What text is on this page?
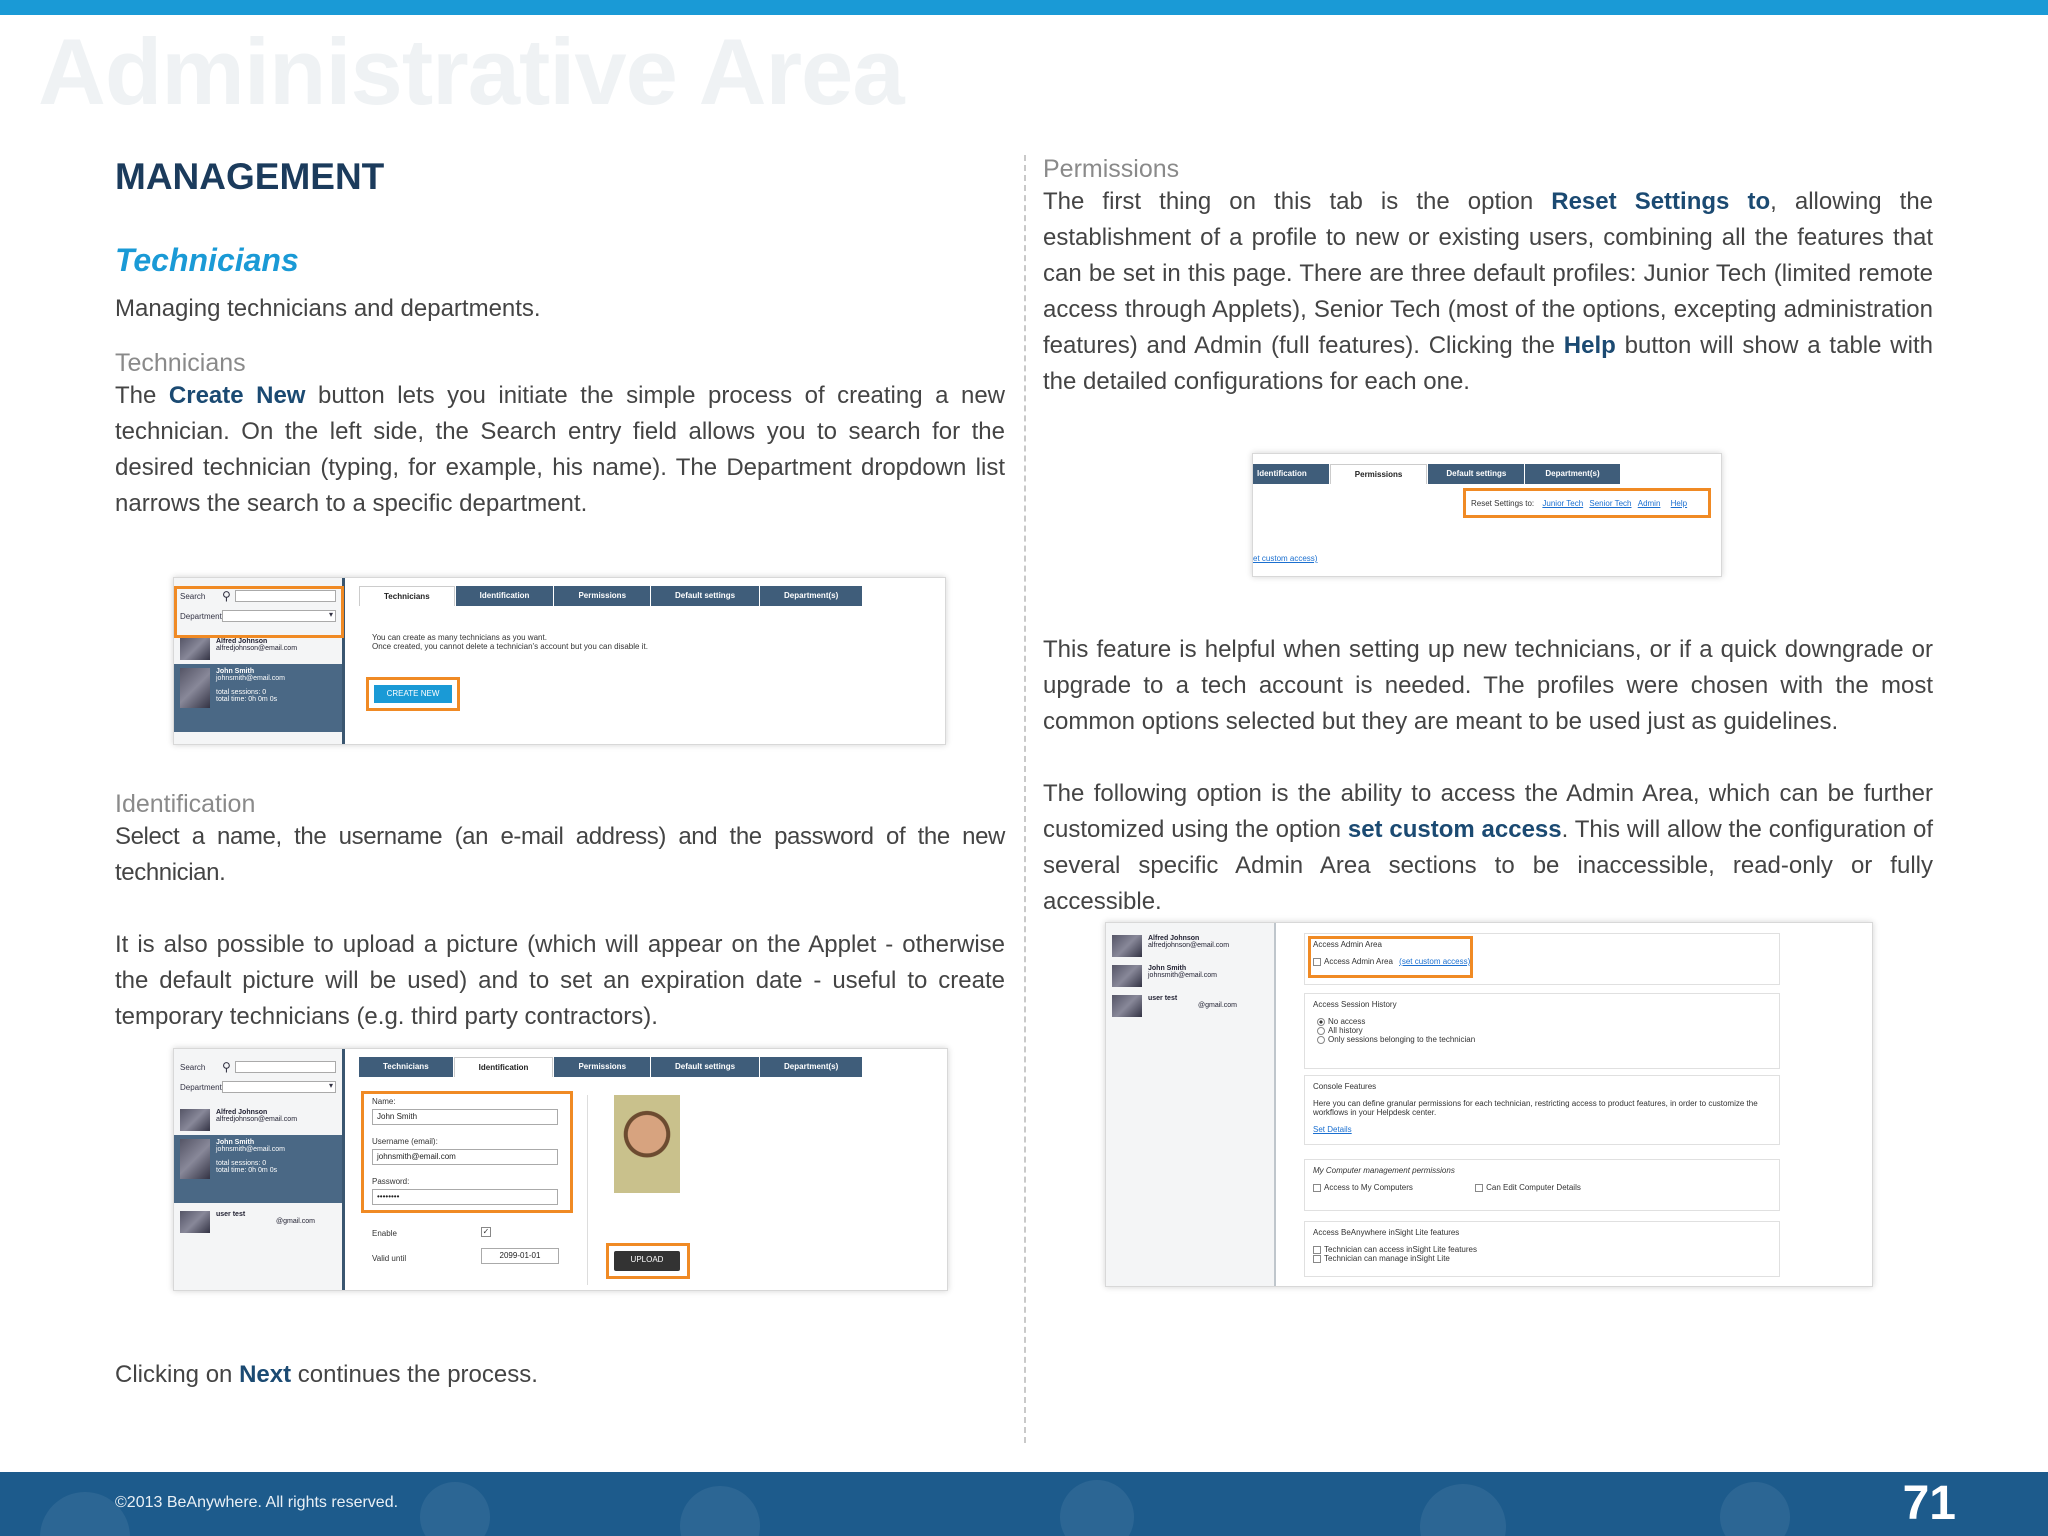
Administrative Area
MANAGEMENT
Technicians

Managing technicians and departments.

Technicians

The Create New button lets you initiate the simple process of creating a new technician. On the left side, the Search entry field allows you to search for the desired technician (typing, for example, his name). The Department dropdown list narrows the search to a specific department.

Identification

Select a name, the username (an e-mail address) and the password of the new technician.

It is also possible to upload a picture (which will appear on the Applet - otherwise the default picture will be used) and to set an expiration date - useful to create temporary technicians (e.g. third party contractors).

Clicking on Next continues the process.

Permissions

The first thing on this tab is the option Reset Settings to, allowing the establishment of a profile to new or existing users, combining all the features that can be set in this page. There are three default profiles: Junior Tech (limited remote access through Applets), Senior Tech (most of the options, excepting administration features) and Admin (full features). Clicking the Help button will show a table with the detailed configurations for each one.

This feature is helpful when setting up new technicians, or if a quick downgrade or upgrade to a tech account is needed. The profiles were chosen with the most common options selected but they are meant to be used just as guidelines.

The following option is the ability to access the Admin Area, which can be further customized using the option set custom access. This will allow the configuration of several specific Admin Area sections to be inaccessible, read-only or fully accessible.

Search	⚲
Department	▾
Alfred Johnson
alfredjohnson@email.com
John Smith
johnsmith@email.com

total sessions: 0
total time: 0h 0m 0s
Technicians	Identification	Permissions	Default settings	Department(s)
You can create as many technicians as you want.
Once created, you cannot delete a technician's account but you can disable it.
CREATE NEW
Search	⚲
Department	▾
Alfred Johnson
alfredjohnson@email.com
John Smith
johnsmith@email.com

total sessions: 0
total time: 0h 0m 0s
user test
@gmail.com
Technicians	Identification	Permissions	Default settings	Department(s)
Name:
John Smith
Username (email):
johnsmith@email.com
Password:
••••••••
Enable	✓
Valid until	2099-01-01	UPLOAD
Identification	Permissions	Default settings	Department(s)
Reset Settings to: Junior Tech Senior Tech Admin Help
et custom access)
Alfred Johnson
alfredjohnson@email.com
John Smith
johnsmith@email.com
user test
@gmail.com
Access Admin Area
Access Admin Area (set custom access)
Access Session History
No access
All history
Only sessions belonging to the technician
Console Features
Here you can define granular permissions for each technician, restricting access to product features, in order to customize the workflows in your Helpdesk center.
Set Details
My Computer management permissions
Access to My Computers	Can Edit Computer Details
Access BeAnywhere inSight Lite features
Technician can access inSight Lite features
Technician can manage inSight Lite
©2013 BeAnywhere. All rights reserved.	71
